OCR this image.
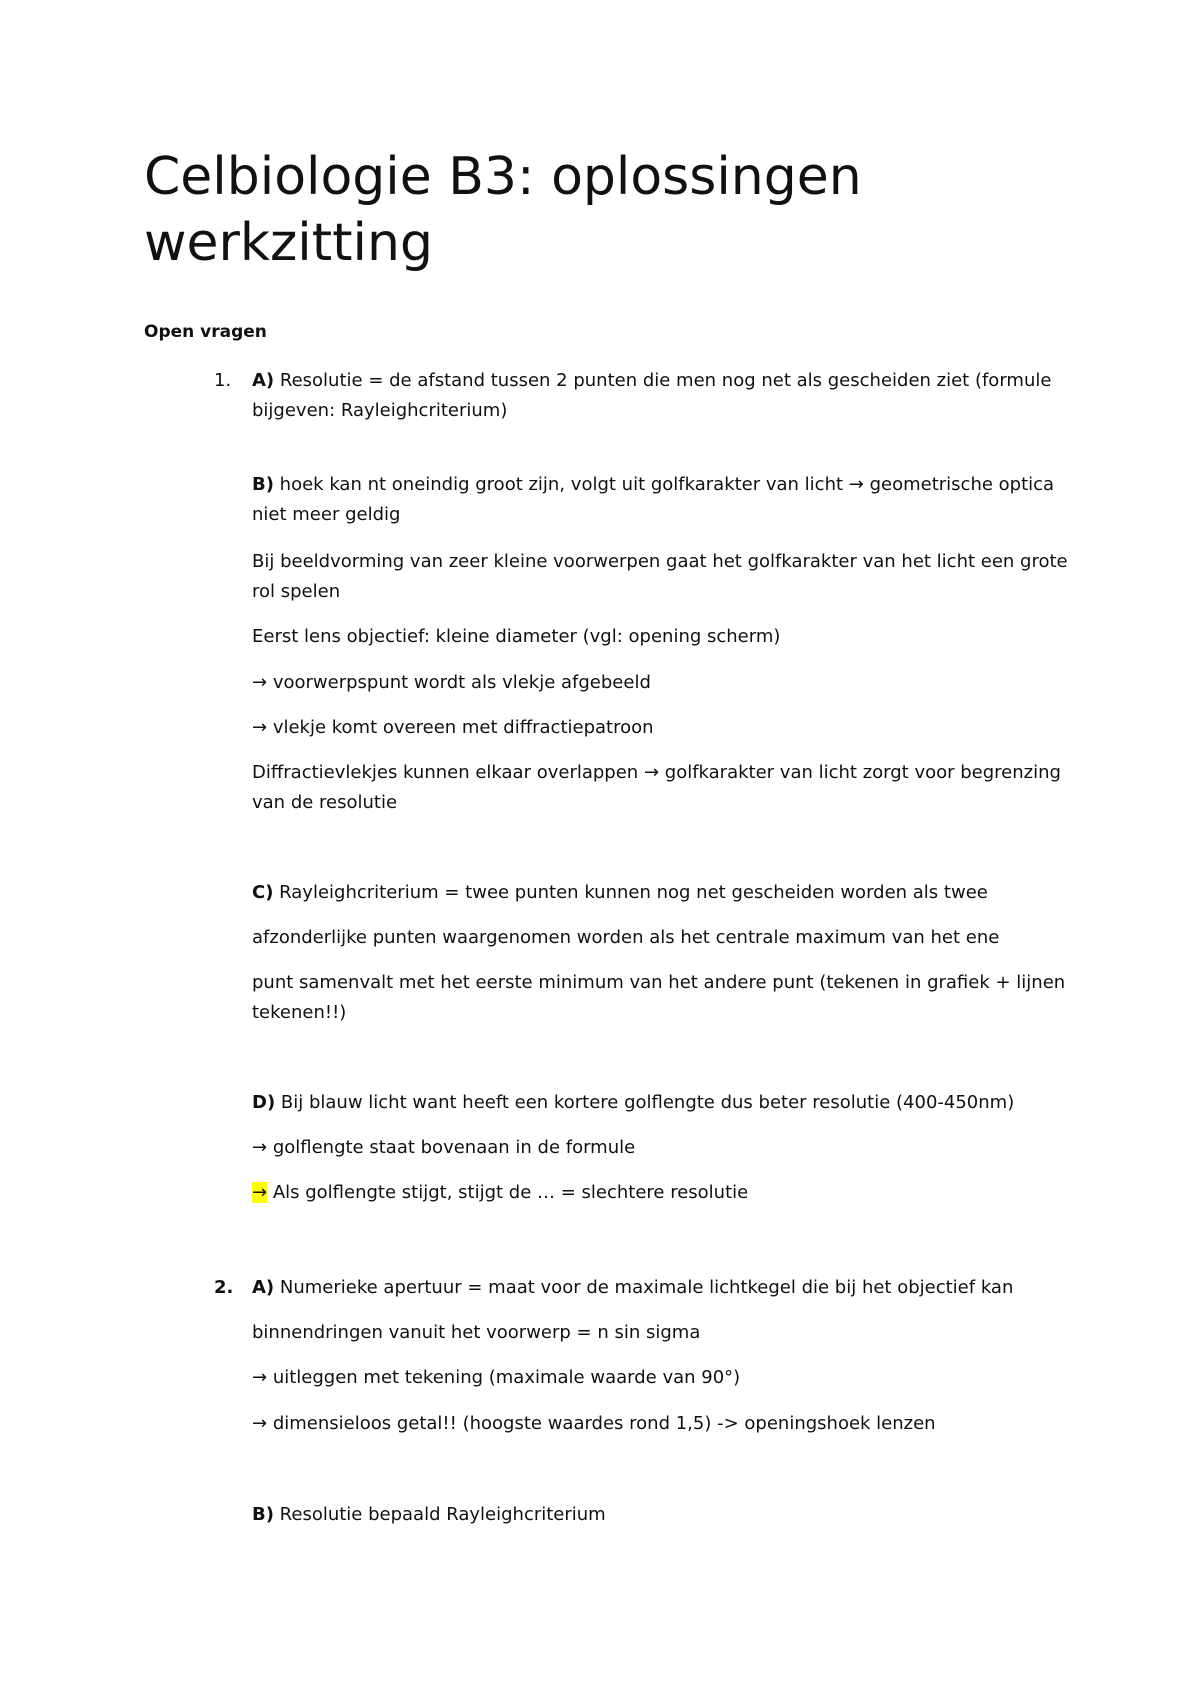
Celbiologie B3: oplossingen werkzitting

Open vragen

1. A) Resolutie = de afstand tussen 2 punten die men nog net als gescheiden ziet (formule bijgeven: Rayleighcriterium)

B) hoek kan nt oneindig groot zijn, volgt uit golfkarakter van licht → geometrische optica niet meer geldig

Bij beeldvorming van zeer kleine voorwerpen gaat het golfkarakter van het licht een grote rol spelen

Eerst lens objectief: kleine diameter (vgl: opening scherm)

→ voorwerpspunt wordt als vlekje afgebeeld

→ vlekje komt overeen met diffractiepatroon

Diffractievlekjes kunnen elkaar overlappen → golfkarakter van licht zorgt voor begrenzing van de resolutie

C) Rayleighcriterium = twee punten kunnen nog net gescheiden worden als twee

afzonderlijke punten waargenomen worden als het centrale maximum van het ene

punt samenvalt met het eerste minimum van het andere punt (tekenen in grafiek + lijnen tekenen!!)

D) Bij blauw licht want heeft een kortere golflengte dus beter resolutie (400-450nm)

→ golflengte staat bovenaan in de formule

→ Als golflengte stijgt, stijgt de … = slechtere resolutie

2. A) Numerieke apertuur = maat voor de maximale lichtkegel die bij het objectief kan

binnendringen vanuit het voorwerp = n sin sigma

→ uitleggen met tekening (maximale waarde van 90°)

→ dimensieloos getal!! (hoogste waardes rond 1,5) -> openingshoek lenzen

B) Resolutie bepaald Rayleighcriterium
